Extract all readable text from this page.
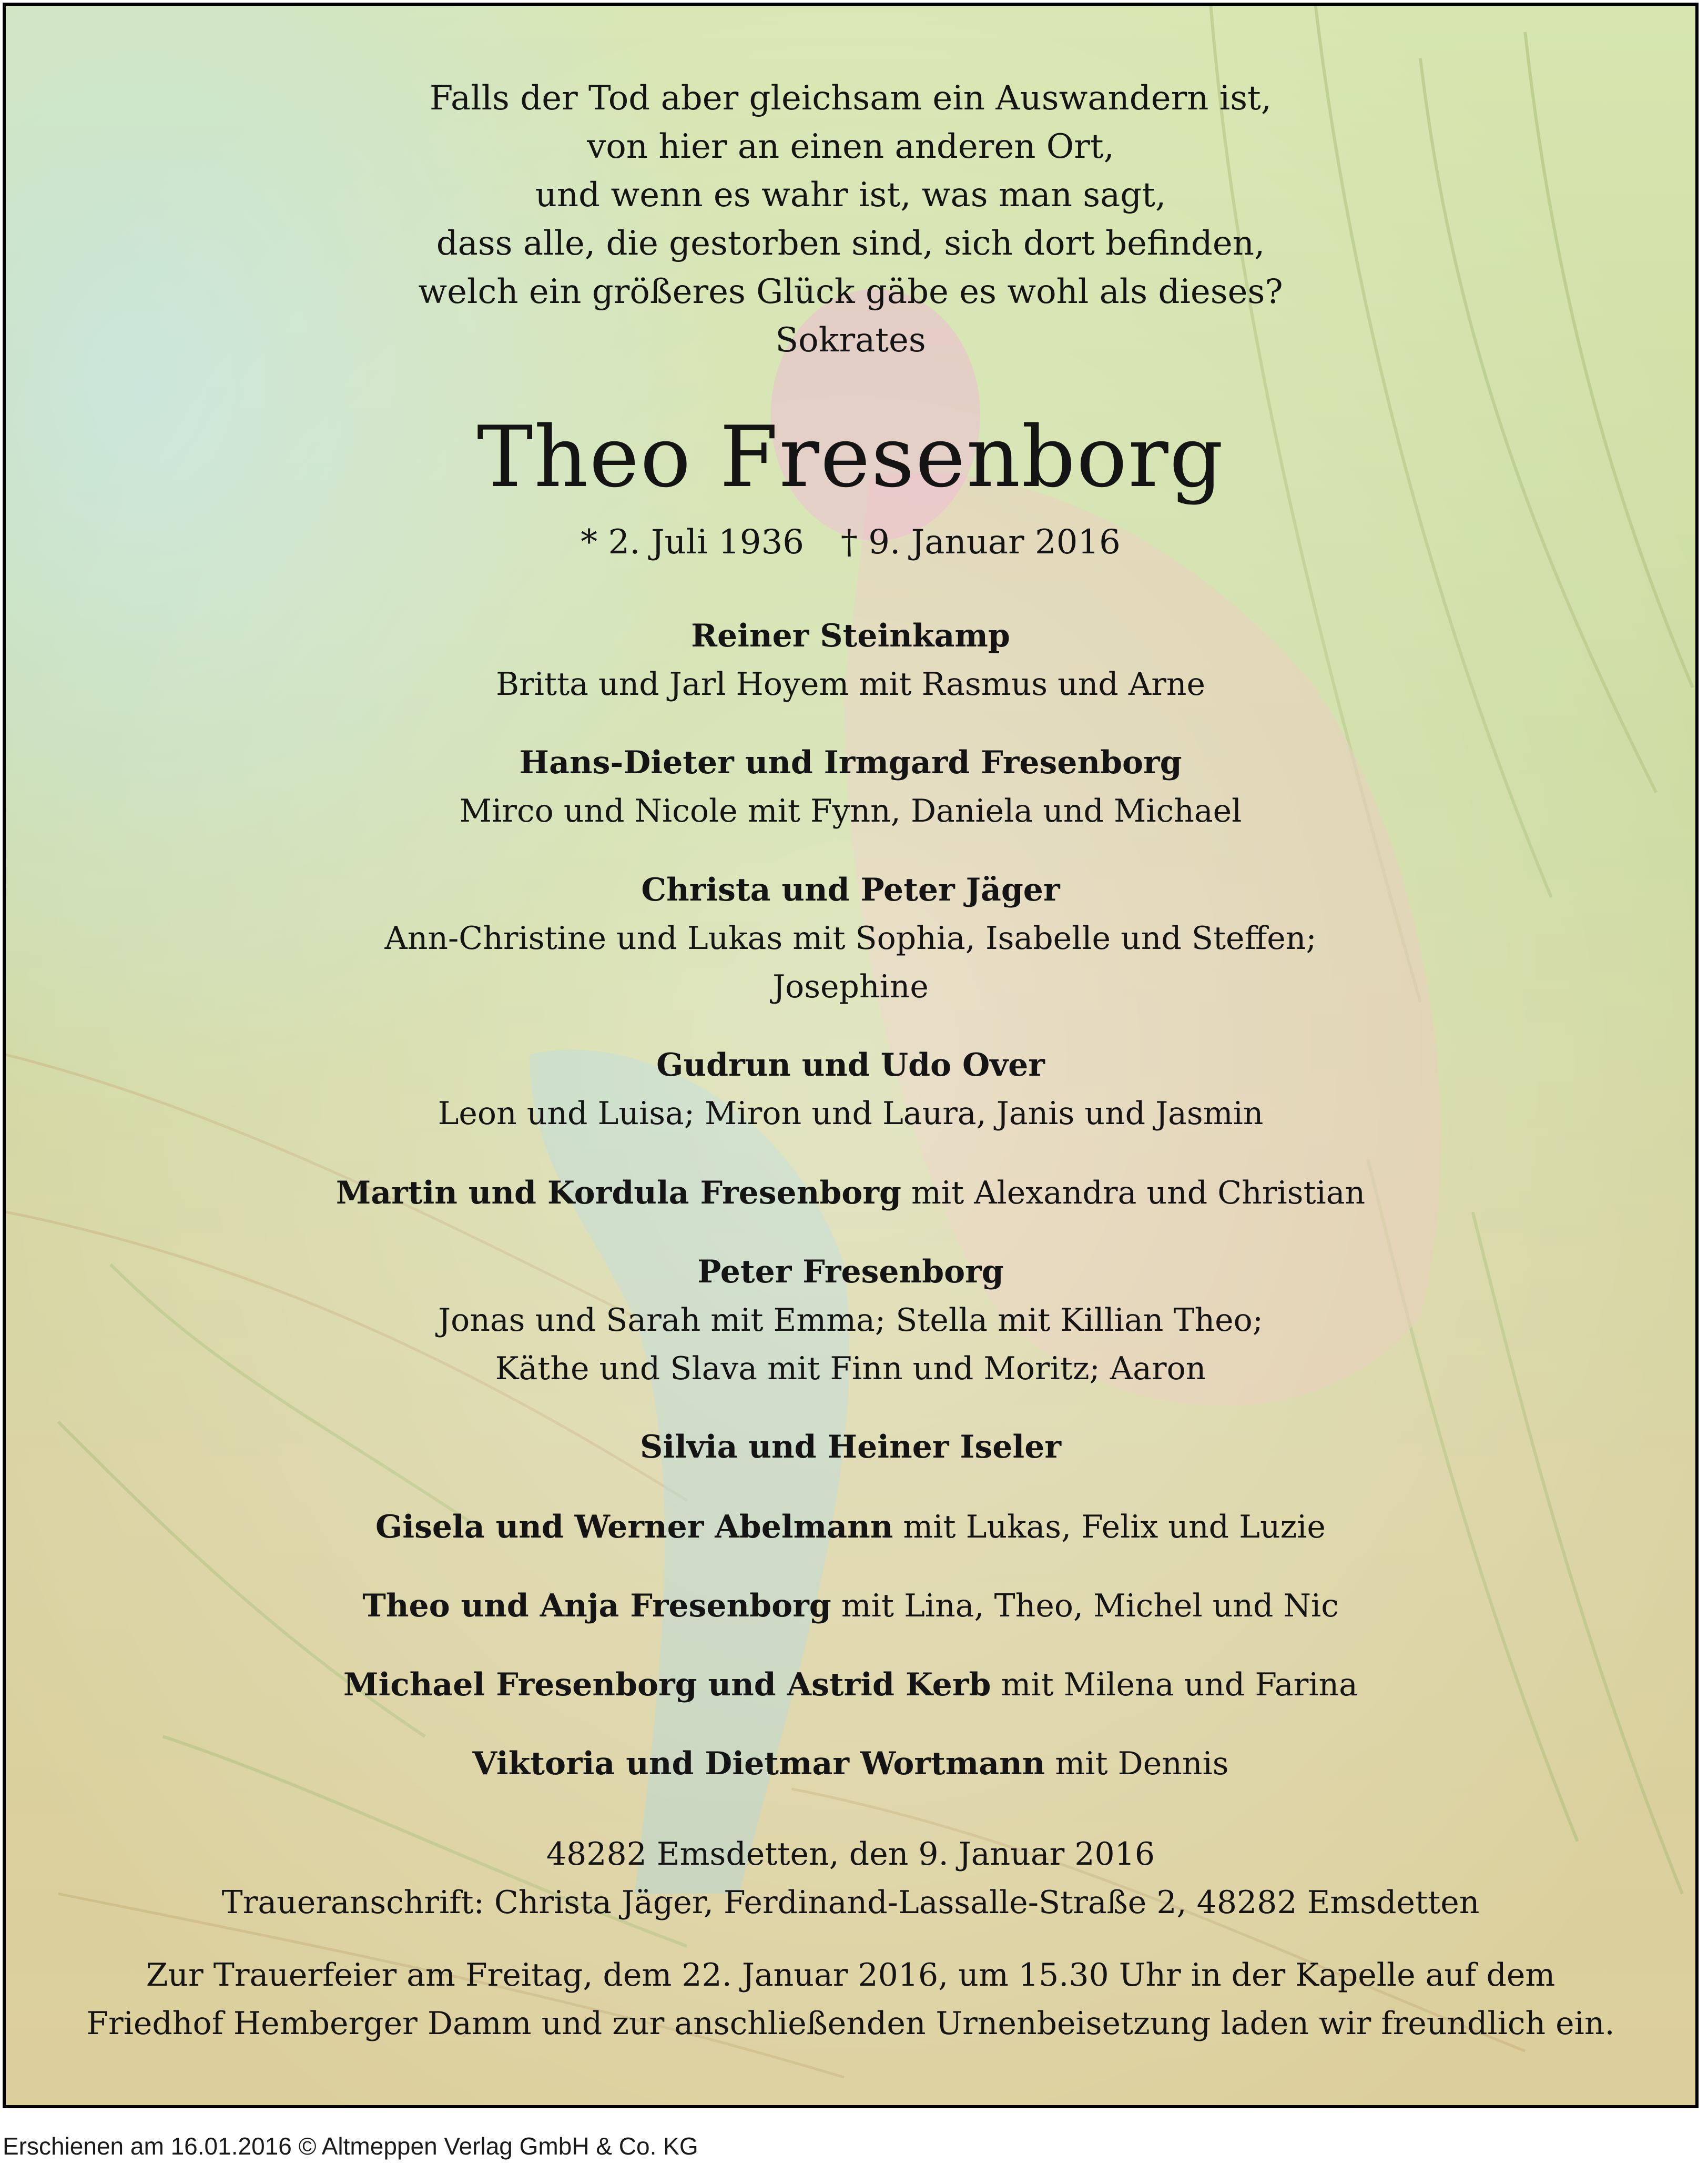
Falls der Tod aber gleichsam ein Auswandern ist,
von hier an einen anderen Ort,
und wenn es wahr ist, was man sagt,
dass alle, die gestorben sind, sich dort befinden,
welch ein größeres Glück gäbe es wohl als dieses?
Sokrates
Theo Fresenborg
* 2. Juli 1936 † 9. Januar 2016
Reiner Steinkamp
Britta und Jarl Hoyem mit Rasmus und Arne
Hans-Dieter und Irmgard Fresenborg
Mirco und Nicole mit Fynn, Daniela und Michael
Christa und Peter Jäger
Ann-Christine und Lukas mit Sophia, Isabelle und Steffen;
Josephine
Gudrun und Udo Over
Leon und Luisa; Miron und Laura, Janis und Jasmin
Martin und Kordula Fresenborg mit Alexandra und Christian
Peter Fresenborg
Jonas und Sarah mit Emma; Stella mit Killian Theo;
Käthe und Slava mit Finn und Moritz; Aaron
Silvia und Heiner Iseler
Gisela und Werner Abelmann mit Lukas, Felix und Luzie
Theo und Anja Fresenborg mit Lina, Theo, Michel und Nic
Michael Fresenborg und Astrid Kerb mit Milena und Farina
Viktoria und Dietmar Wortmann mit Dennis
48282 Emsdetten, den 9. Januar 2016
Traueranschrift: Christa Jäger, Ferdinand-Lassalle-Straße 2, 48282 Emsdetten
Zur Trauerfeier am Freitag, dem 22. Januar 2016, um 15.30 Uhr in der Kapelle auf dem
Friedhof Hemberger Damm und zur anschließenden Urnenbeisetzung laden wir freundlich ein.
Erschienen am 16.01.2016 © Altmeppen Verlag GmbH & Co. KG
